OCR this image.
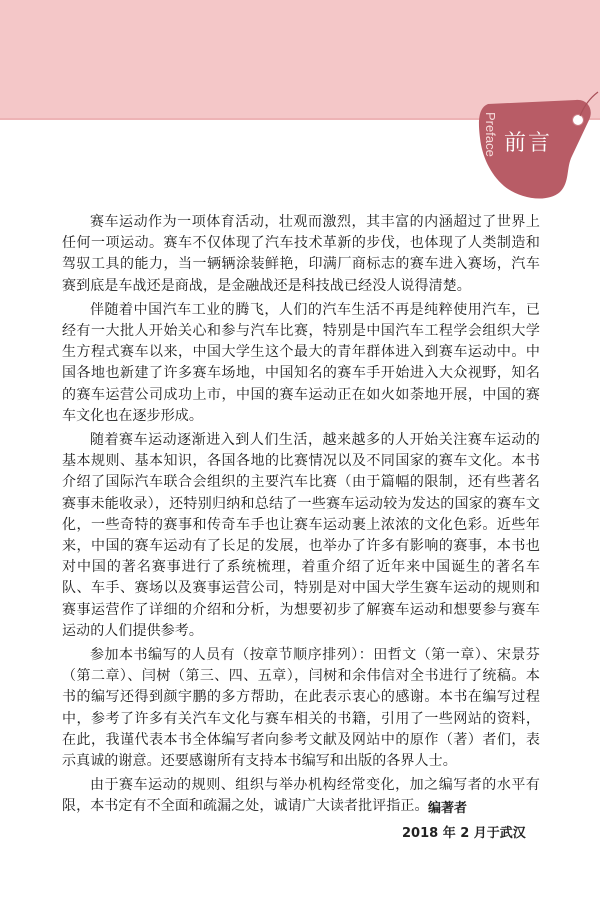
前言
Preface

赛车运动作为一项体育活动，壮观而激烈，其丰富的内涵超过了世界上任何一项运动。赛车不仅体现了汽车技术革新的步伐，也体现了人类制造和驾驭工具的能力，当一辆辆涂装鲜艳，印满厂商标志的赛车进入赛场，汽车赛到底是车战还是商战，是金融战还是科技战已经没人说得清楚。

伴随着中国汽车工业的腾飞，人们的汽车生活不再是纯粹使用汽车，已经有一大批人开始关心和参与汽车比赛，特别是中国汽车工程学会组织大学生方程式赛车以来，中国大学生这个最大的青年群体进入到赛车运动中。中国各地也新建了许多赛车场地，中国知名的赛车手开始进入大众视野，知名的赛车运营公司成功上市，中国的赛车运动正在如火如荼地开展，中国的赛车文化也在逐步形成。

随着赛车运动逐渐进入到人们生活，越来越多的人开始关注赛车运动的基本规则、基本知识，各国各地的比赛情况以及不同国家的赛车文化。本书介绍了国际汽车联合会组织的主要汽车比赛（由于篇幅的限制，还有些著名赛事未能收录），还特别归纳和总结了一些赛车运动较为发达的国家的赛车文化，一些奇特的赛事和传奇车手也让赛车运动裹上浓浓的文化色彩。近些年来，中国的赛车运动有了长足的发展，也举办了许多有影响的赛事，本书也对中国的著名赛事进行了系统梳理，着重介绍了近年来中国诞生的著名车队、车手、赛场以及赛事运营公司，特别是对中国大学生赛车运动的规则和赛事运营作了详细的介绍和分析，为想要初步了解赛车运动和想要参与赛车运动的人们提供参考。

参加本书编写的人员有（按章节顺序排列）：田哲文（第一章）、宋景芬（第二章）、闫树（第三、四、五章），闫树和余伟信对全书进行了统稿。本书的编写还得到颜宇鹏的多方帮助，在此表示衷心的感谢。本书在编写过程中，参考了许多有关汽车文化与赛车相关的书籍，引用了一些网站的资料，在此，我谨代表本书全体编写者向参考文献及网站中的原作（著）者们，表示真诚的谢意。还要感谢所有支持本书编写和出版的各界人士。

由于赛车运动的规则、组织与举办机构经常变化，加之编写者的水平有限，本书定有不全面和疏漏之处，诚请广大读者批评指正。 编著者
2018 年 2 月于武汉
